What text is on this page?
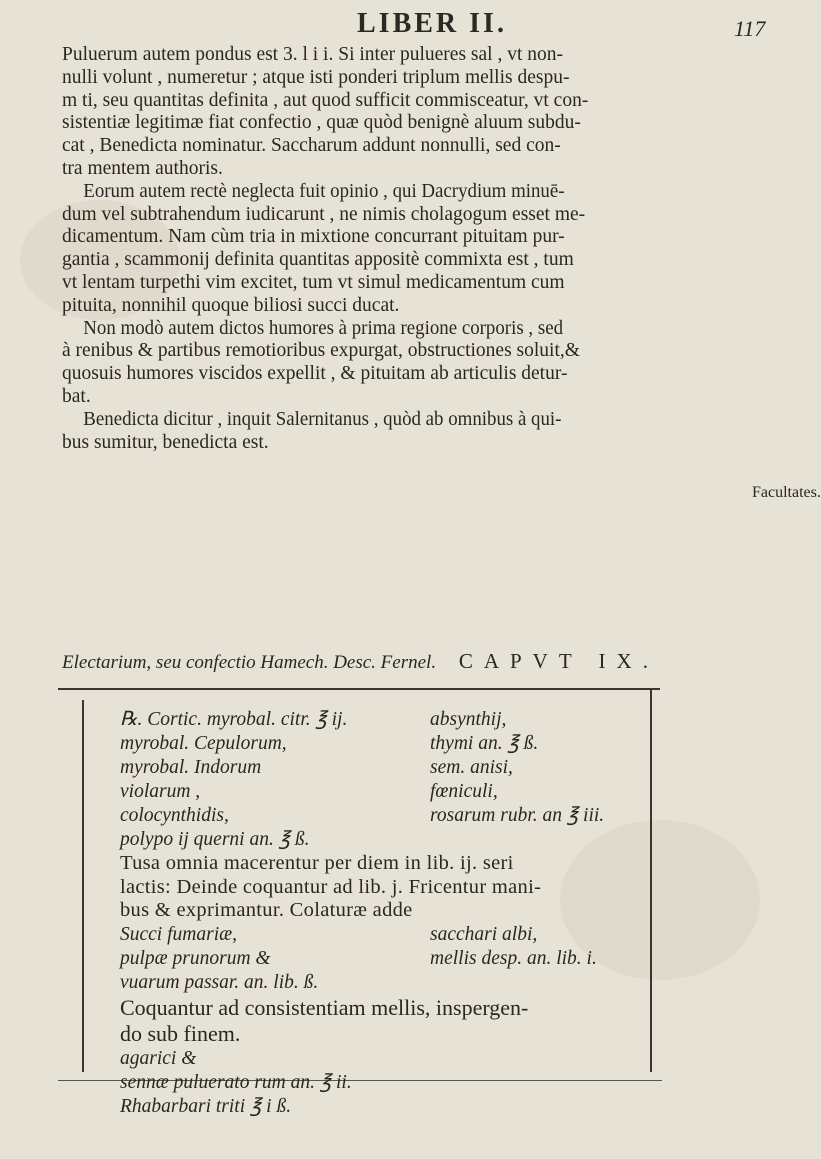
LIBER II.	117

Puluerum autem pondus est 3. l i i. Si inter pulueres sal , vt non-
nulli volunt , numeretur ; atque isti ponderi triplum mellis despu-
m ti, seu quantitas definita , aut quod sufficit commisceatur, vt con-
sistentiæ legitimæ fiat confectio , quæ quòd benignè aluum subdu-
cat , Benedicta nominatur. Saccharum addunt nonnulli, sed con-
tra mentem authoris.

Eorum autem rectè neglecta fuit opinio , qui Dacrydium minuē-
dum vel subtrahendum iudicarunt , ne nimis cholagogum esset me-
dicamentum. Nam cùm tria in mixtione concurrant pituitam pur-
gantia , scammonij definita quantitas appositè commixta est , tum
vt lentam turpethi vim excitet, tum vt simul medicamentum cum
pituita, nonnihil quoque biliosi succi ducat.

Non modò autem dictos humores à prima regione corporis , sed
à renibus & partibus remotioribus expurgat, obstructiones soluit,&
quosuis humores viscidos expellit , & pituitam ab articulis detur-
bat.

Benedicta dicitur , inquit Salernitanus , quòd ab omnibus à qui-
bus sumitur, benedicta est.

Facultates.
Electarium, seu confectio Hamech. Desc. Fernel. CAPVT IX.
℞. Cortic. myrobal. citr. ℥ ij.	absynthij,
myrobal. Cepulorum,	thymi an. ℥ ß.
myrobal. Indorum	sem. anisi,
violarum ,	fœniculi,
colocynthidis,	rosarum rubr. an ℥ iii.
polypo ij querni an. ℥ ß.
Tusa omnia macerentur per diem in lib. ij. seri
lactis: Deinde coquantur ad lib. j. Fricentur mani-
bus & exprimantur. Colaturæ adde
Succi fumariæ,	sacchari albi,
pulpæ prunorum &	mellis desp. an. lib. i.
vuarum passar. an. lib. ß.
Coquantur ad consistentiam mellis, inspergen-
do sub finem.
agarici &
sennæ puluerato rum an. ℥ ii.
Rhabarbari triti ℥ i ß.
